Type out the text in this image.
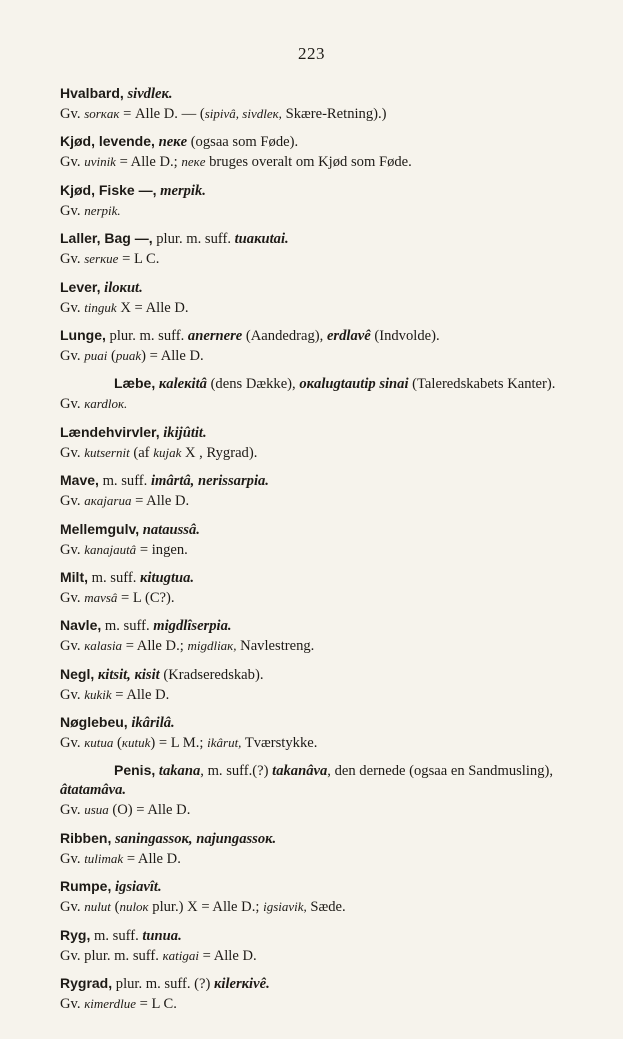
223
Hvalbard, sivdleк.
Gv. sorкaк = Alle D. — (sipivâ, sivdleк, Skære-Retning).)
Kjød, levende, neкe (ogsaa som Føde).
Gv. uvinik = Alle D.; neкe bruges overalt om Kjød som Føde.
Kjød, Fiske —, merpik.
Gv. nerpik.
Laller, Bag —, plur. m. suff. tuaкutai.
Gv. serкue = L C.
Lever, iloкut.
Gv. tinguk X = Alle D.
Lunge, plur. m. suff. anernere (Aandedrag), erdlavê (Indvolde).
Gv. puai (puak) = Alle D.
Læbe, кaleкitâ (dens Dække), oкalugtautip sinai (Taleredskabets Kanter).
Gv. кardloк.
Lændehvirvler, ikijûtit.
Gv. kutsernit (af kujak X , Rygrad).
Mave, m. suff. imârtâ, nerissarpia.
Gv. aкajarua = Alle D.
Mellemgulv, nataussâ.
Gv. kanajautâ = ingen.
Milt, m. suff. кitugtua.
Gv. mavsâ = L (C?).
Navle, m. suff. migdlîserpia.
Gv. кalasia = Alle D.; migdliaк, Navlestreng.
Negl, кitsit, кisit (Kradseredskab).
Gv. kukik = Alle D.
Nøglebeu, ikârilâ.
Gv. кutua (кutuk) = L M.; ikârut, Tværstykke.
Penis, takana, m. suff.(?) takanâva, den dernede (ogsaa en Sandmusling), âtatamâva.
Gv. usua (O) = Alle D.
Ribben, saningassoк, najungassoк.
Gv. tulimak = Alle D.
Rumpe, igsiavît.
Gv. nulut (nuloк plur.) X = Alle D.; igsiavik, Sæde.
Ryg, m. suff. tunua.
Gv. plur. m. suff. кatigai = Alle D.
Rygrad, plur. m. suff. (?) кilerкivê.
Gv. кimerdlue = L C.
